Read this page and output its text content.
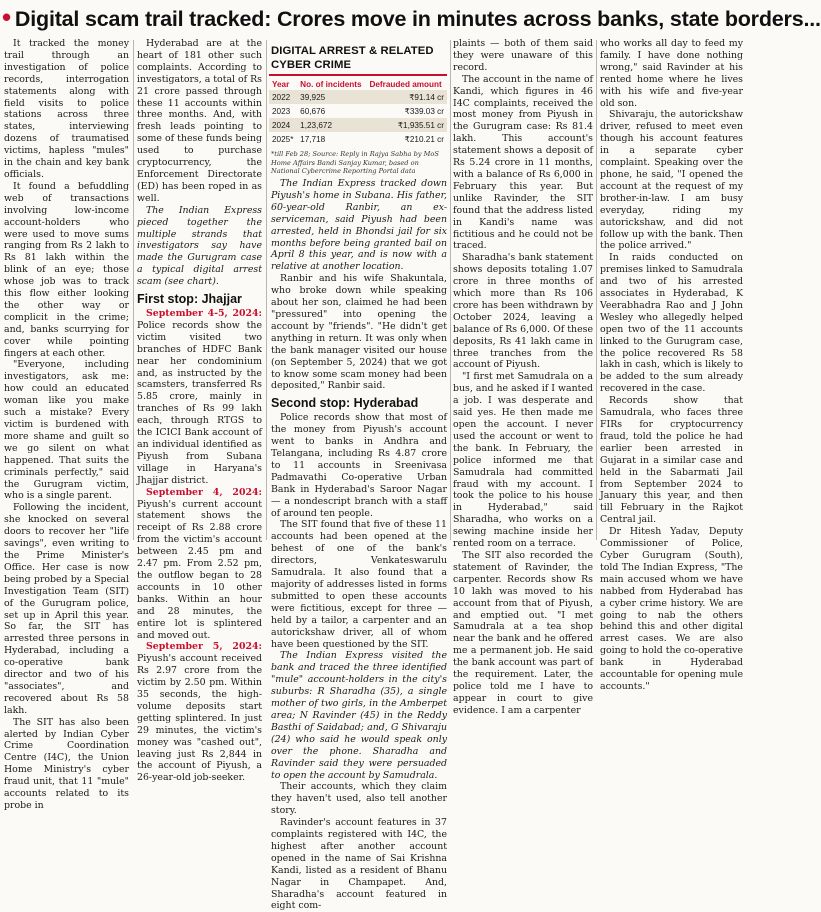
• Digital scam trail tracked: Crores move in minutes across banks, state borders...

It tracked the money trail through an investigation of police records, interrogation statements along with field visits to police stations across three states, interviewing dozens of traumatised victims, hapless "mules" in the chain and key bank officials.

It found a befuddling web of transactions involving low-income account-holders who were used to move sums ranging from Rs 2 lakh to Rs 81 lakh within the blink of an eye; those whose job was to track this flow either looking the other way or complicit in the crime; and, banks scurrying for cover while pointing fingers at each other.

"Everyone, including investigators, ask me: how could an educated woman like you make such a mistake? Every victim is burdened with more shame and guilt so we go silent on what happened. That suits the criminals perfectly," said the Gurugram victim, who is a single parent.

Following the incident, she knocked on several doors to recover her "life savings", even writing to the Prime Minister's Office. Her case is now being probed by a Special Investigation Team (SIT) of the Gurugram police, set up in April this year. So far, the SIT has arrested three persons in Hyderabad, including a co-operative bank director and two of his "associates", and recovered about Rs 58 lakh.

The SIT has also been alerted by Indian Cyber Crime Coordination Centre (I4C), the Union Home Ministry's cyber fraud unit, that 11 "mule" accounts related to its probe in

Hyderabad are at the heart of 181 other such complaints. According to investigators, a total of Rs 21 crore passed through these 11 accounts within three months. And, with fresh leads pointing to some of these funds being used to purchase cryptocurrency, the Enforcement Directorate (ED) has been roped in as well.

The Indian Express pieced together the multiple strands that investigators say have made the Gurugram case a typical digital arrest scam (see chart).

First stop: Jhajjar

September 4-5, 2024: Police records show the victim visited two branches of HDFC Bank near her condominium and, as instructed by the scamsters, transferred Rs 5.85 crore, mainly in tranches of Rs 99 lakh each, through RTGS to the ICICI Bank account of an individual identified as Piyush from Subana village in Haryana's Jhajjar district.

September 4, 2024: Piyush's current account statement shows the receipt of Rs 2.88 crore from the victim's account between 2.45 pm and 2.47 pm. From 2.52 pm, the outflow began to 28 accounts in 10 other banks. Within an hour and 28 minutes, the entire lot is splintered and moved out.

September 5, 2024: Piyush's account received Rs 2.97 crore from the victim by 2.50 pm. Within 35 seconds, the high-volume deposits start getting splintered. In just 29 minutes, the victim's money was "cashed out", leaving just Rs 2,844 in the account of Piyush, a 26-year-old job-seeker.

DIGITAL ARREST & RELATED CYBER CRIME
Year	No. of incidents	Defrauded amount
2022	39,925	₹91.14 cr
2023	60,676	₹339.03 cr
2024	1,23,672	₹1,935.51 cr
2025*	17,718	₹210.21 cr
*till Feb 28; Source: Reply in Rajya Sabha by MoS Home Affairs Bandi Sanjay Kumar, based on National Cybercrime Reporting Portal data

The Indian Express tracked down Piyush's home in Subana. His father, 60-year-old Ranbir, an ex-serviceman, said Piyush had been arrested, held in Bhondsi jail for six months before being granted bail on April 8 this year, and is now with a relative at another location.

Ranbir and his wife Shakuntala, who broke down while speaking about her son, claimed he had been "pressured" into opening the account by "friends". "He didn't get anything in return. It was only when the bank manager visited our house (on September 5, 2024) that we got to know some scam money had been deposited," Ranbir said.

Second stop: Hyderabad

Police records show that most of the money from Piyush's account went to banks in Andhra and Telangana, including Rs 4.87 crore to 11 accounts in Sreenivasa Padmavathi Co-operative Urban Bank in Hyderabad's Saroor Nagar — a nondescript branch with a staff of around ten people.

The SIT found that five of these 11 accounts had been opened at the behest of one of the bank's directors, Venkateswarulu Samudrala. It also found that a majority of addresses listed in forms submitted to open these accounts were fictitious, except for three — held by a tailor, a carpenter and an autorickshaw driver, all of whom have been questioned by the SIT.

The Indian Express visited the bank and traced the three identified "mule" account-holders in the city's suburbs: R Sharadha (35), a single mother of two girls, in the Amberpet area; N Ravinder (45) in the Reddy Basthi of Saidabad; and, G Shivaraju (24) who said he would speak only over the phone. Sharadha and Ravinder said they were persuaded to open the account by Samudrala.

Their accounts, which they claim they haven't used, also tell another story.

Ravinder's account features in 37 complaints registered with I4C, the highest after another account opened in the name of Sai Krishna Kandi, listed as a resident of Bhanu Nagar in Champapet. And, Sharadha's account featured in eight com-

plaints — both of them said they were unaware of this record.

The account in the name of Kandi, which figures in 46 I4C complaints, received the most money from Piyush in the Gurugram case: Rs 81.4 lakh. This account's statement shows a deposit of Rs 5.24 crore in 11 months, with a balance of Rs 6,000 in February this year. But unlike Ravinder, the SIT found that the address listed in Kandi's name was fictitious and he could not be traced.

Sharadha's bank statement shows deposits totaling 1.07 crore in three months of which more than Rs 106 crore has been withdrawn by October 2024, leaving a balance of Rs 6,000. Of these deposits, Rs 41 lakh came in three tranches from the account of Piyush.

"I first met Samudrala on a bus, and he asked if I wanted a job. I was desperate and said yes. He then made me open the account. I never used the account or went to the bank. In February, the police informed me that Samudrala had committed fraud with my account. I took the police to his house in Hyderabad," said Sharadha, who works on a sewing machine inside her rented room on a terrace.

The SIT also recorded the statement of Ravinder, the carpenter. Records show Rs 10 lakh was moved to his account from that of Piyush, and emptied out. "I met Samudrala at a tea shop near the bank and he offered me a permanent job. He said the bank account was part of the requirement. Later, the police told me I have to appear in court to give evidence. I am a carpenter

who works all day to feed my family. I have done nothing wrong," said Ravinder at his rented home where he lives with his wife and five-year old son.

Shivaraju, the autorickshaw driver, refused to meet even though his account features in a separate cyber complaint. Speaking over the phone, he said, "I opened the account at the request of my brother-in-law. I am busy everyday, riding my autorickshaw, and did not follow up with the bank. Then the police arrived."

In raids conducted on premises linked to Samudrala and two of his arrested associates in Hyderabad, K Veerabhadra Rao and J John Wesley who allegedly helped open two of the 11 accounts linked to the Gurugram case, the police recovered Rs 58 lakh in cash, which is likely to be added to the sum already recovered in the case.

Records show that Samudrala, who faces three FIRs for cryptocurrency fraud, told the police he had earlier been arrested in Gujarat in a similar case and held in the Sabarmati Jail from September 2024 to January this year, and then till February in the Rajkot Central jail.

Dr Hitesh Yadav, Deputy Commissioner of Police, Cyber Gurugram (South), told The Indian Express, "The main accused whom we have nabbed from Hyderabad has a cyber crime history. We are going to nab the others behind this and other digital arrest cases. We are also going to hold the co-operative bank in Hyderabad accountable for opening mule accounts."
